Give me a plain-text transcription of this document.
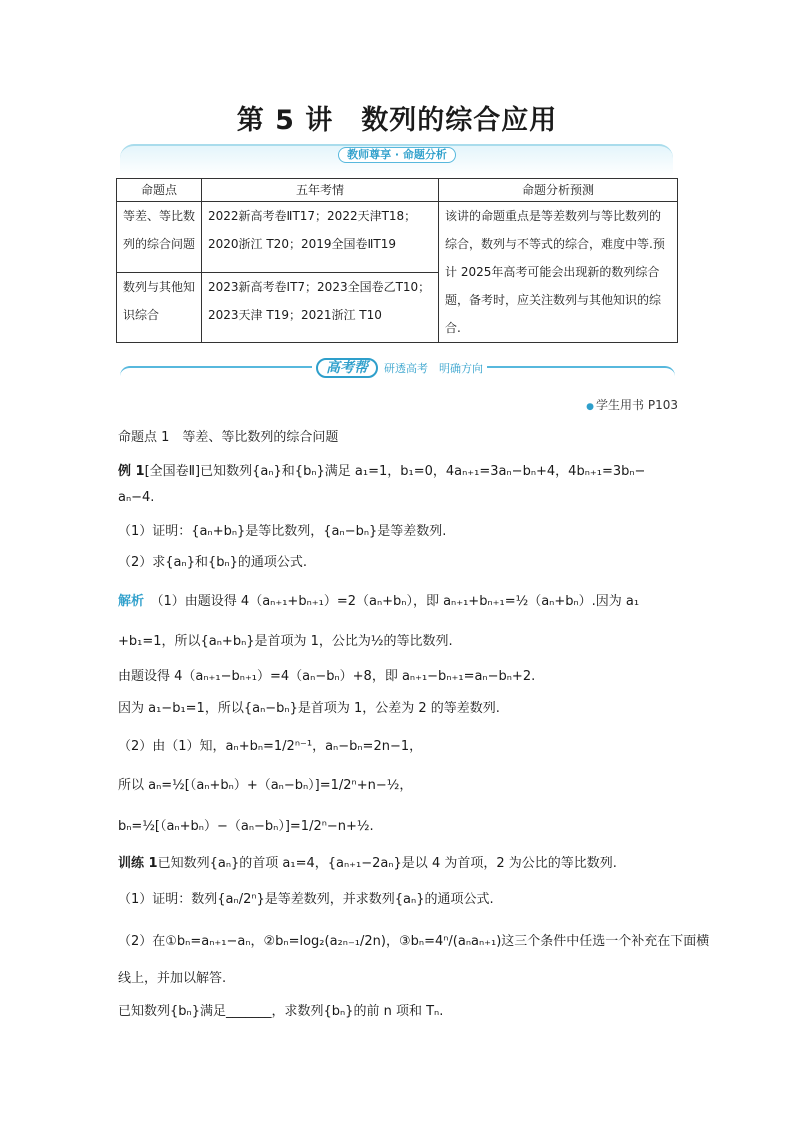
第 5 讲　数列的综合应用
教师尊享 · 命题分析
命题点	五年考情	命题分析预测
等差、等比数列的综合问题	2022新高考卷ⅡT17；2022天津T18；2020浙江 T20；2019全国卷ⅡT19	该讲的命题重点是等差数列与等比数列的综合，数列与不等式的综合，难度中等.预计 2025年高考可能会出现新的数列综合题，备考时，应关注数列与其他知识的综合.
数列与其他知识综合	2023新高考卷ⅠT7；2023全国卷乙T10；2023天津 T19；2021浙江 T10	
高考帮	研透高考　明确方向
● 学生用书 P103
命题点 1　等差、等比数列的综合问题
例 1[全国卷Ⅱ]已知数列{aₙ}和{bₙ}满足 a₁=1，b₁=0，4aₙ₊₁=3aₙ−bₙ+4，4bₙ₊₁=3bₙ−
aₙ−4.
（1）证明：{aₙ+bₙ}是等比数列，{aₙ−bₙ}是等差数列.
（2）求{aₙ}和{bₙ}的通项公式.
解析　 （1）由题设得 4（aₙ₊₁+bₙ₊₁）=2（aₙ+bₙ），即 aₙ₊₁+bₙ₊₁=½（aₙ+bₙ）.因为 a₁
+b₁=1，所以{aₙ+bₙ}是首项为 1，公比为½的等比数列.
由题设得 4（aₙ₊₁−bₙ₊₁）=4（aₙ−bₙ）+8，即 aₙ₊₁−bₙ₊₁=aₙ−bₙ+2.
因为 a₁−b₁=1，所以{aₙ−bₙ}是首项为 1，公差为 2 的等差数列.
（2）由（1）知，aₙ+bₙ=1/2ⁿ⁻¹，aₙ−bₙ=2n−1，
所以 aₙ=½[（aₙ+bₙ）+（aₙ−bₙ）]=1/2ⁿ+n−½，
bₙ=½[（aₙ+bₙ）−（aₙ−bₙ）]=1/2ⁿ−n+½.
训练 1已知数列{aₙ}的首项 a₁=4，{aₙ₊₁−2aₙ}是以 4 为首项，2 为公比的等比数列.
（1）证明：数列{aₙ/2ⁿ}是等差数列，并求数列{aₙ}的通项公式.
（2）在①bₙ=aₙ₊₁−aₙ，②bₙ=log₂(a₂ₙ₋₁/2n)，③bₙ=4ⁿ/(aₙaₙ₊₁)这三个条件中任选一个补充在下面横
线上，并加以解答.
已知数列{bₙ}满足_______，求数列{bₙ}的前 n 项和 Tₙ.
